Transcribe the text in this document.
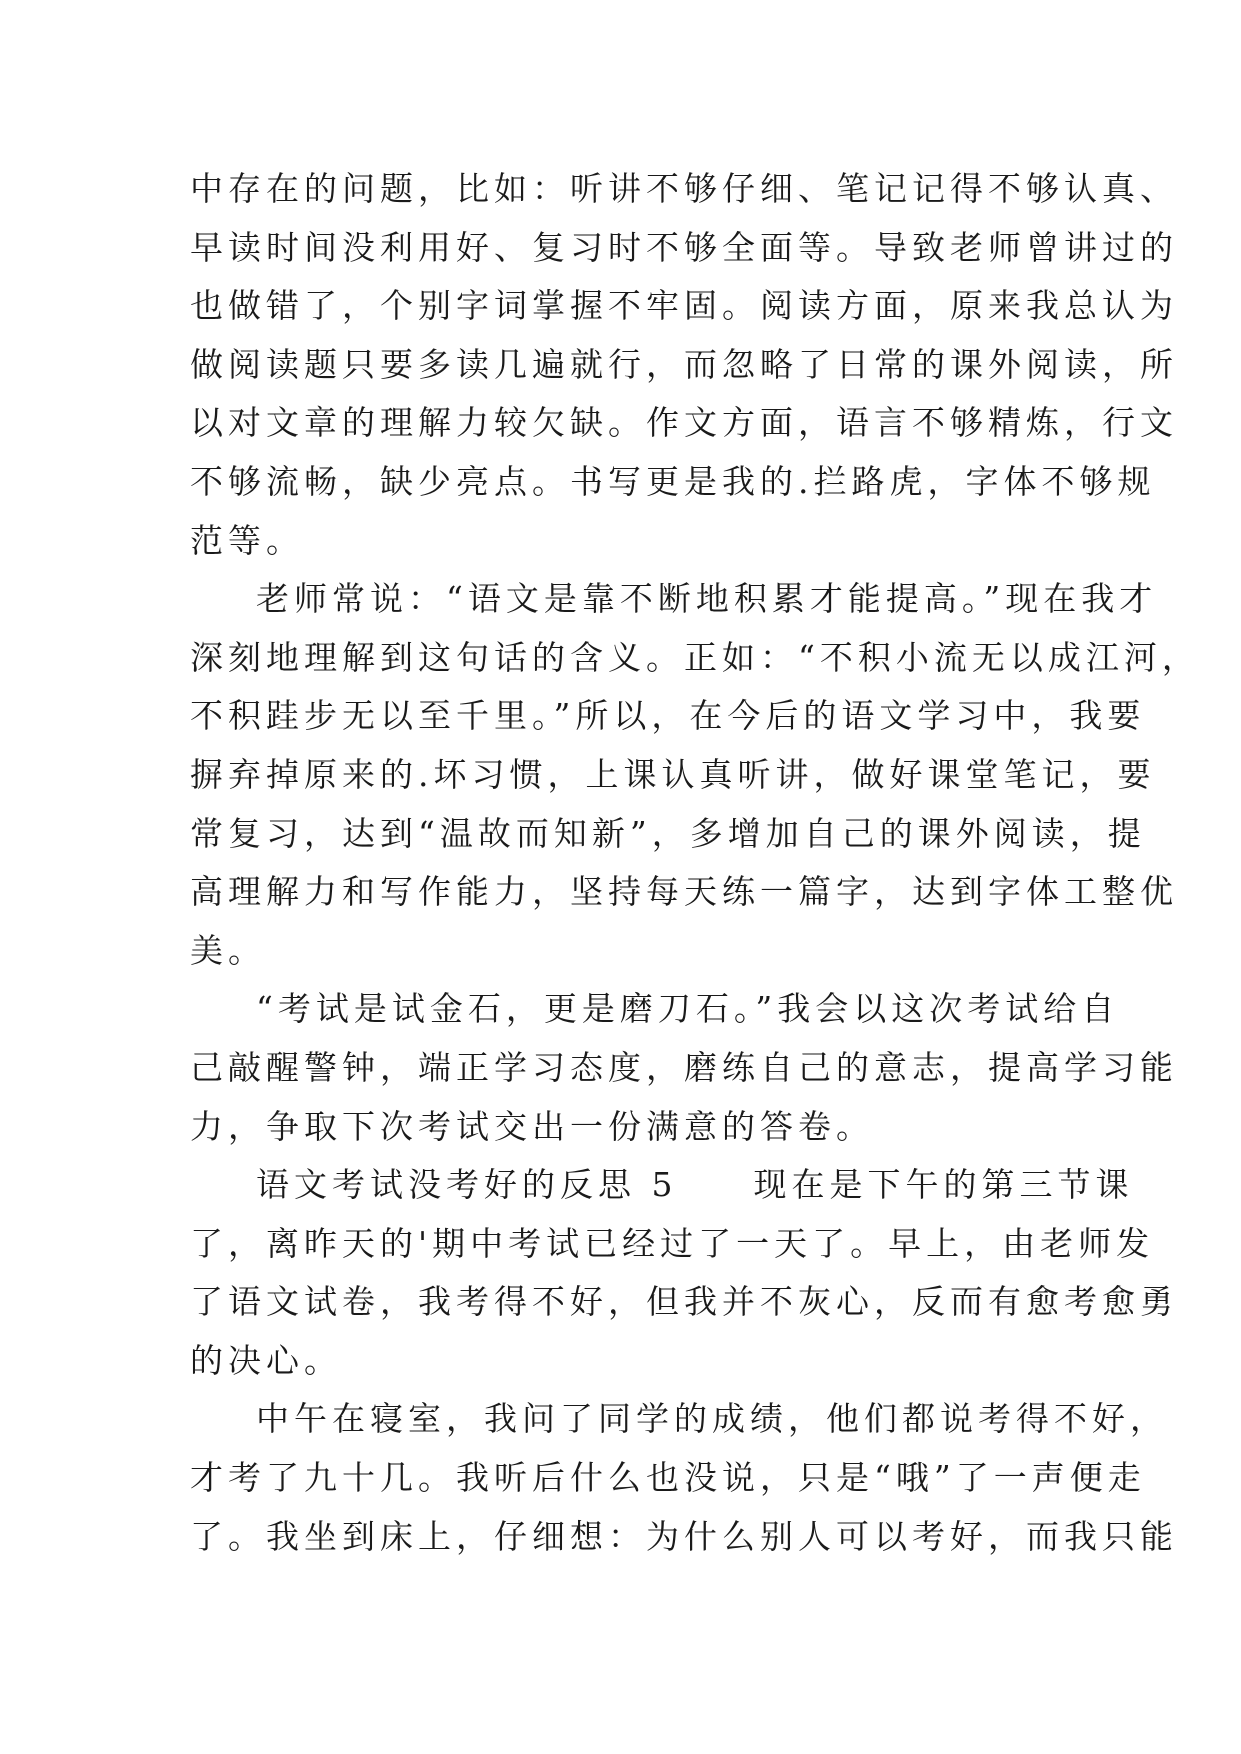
中存在的问题，比如：听讲不够仔细、笔记记得不够认真、
早读时间没利用好、复习时不够全面等。导致老师曾讲过的
也做错了，个别字词掌握不牢固。阅读方面，原来我总认为
做阅读题只要多读几遍就行，而忽略了日常的课外阅读，所
以对文章的理解力较欠缺。作文方面，语言不够精炼，行文
不够流畅，缺少亮点。书写更是我的.拦路虎，字体不够规
范等。
老师常说：“语文是靠不断地积累才能提高。”现在我才
深刻地理解到这句话的含义。正如：“不积小流无以成江河，
不积跬步无以至千里。”所以，在今后的语文学习中，我要
摒弃掉原来的.坏习惯，上课认真听讲，做好课堂笔记，要
常复习，达到“温故而知新”，多增加自己的课外阅读，提
高理解力和写作能力，坚持每天练一篇字，达到字体工整优
美。
“考试是试金石，更是磨刀石。”我会以这次考试给自
己敲醒警钟，端正学习态度，磨练自己的意志，提高学习能
力，争取下次考试交出一份满意的答卷。
语文考试没考好的反思 5　　现在是下午的第三节课
了，离昨天的'期中考试已经过了一天了。早上，由老师发
了语文试卷，我考得不好，但我并不灰心，反而有愈考愈勇
的决心。
中午在寝室，我问了同学的成绩，他们都说考得不好，
才考了九十几。我听后什么也没说，只是“哦”了一声便走
了。我坐到床上，仔细想：为什么别人可以考好，而我只能
